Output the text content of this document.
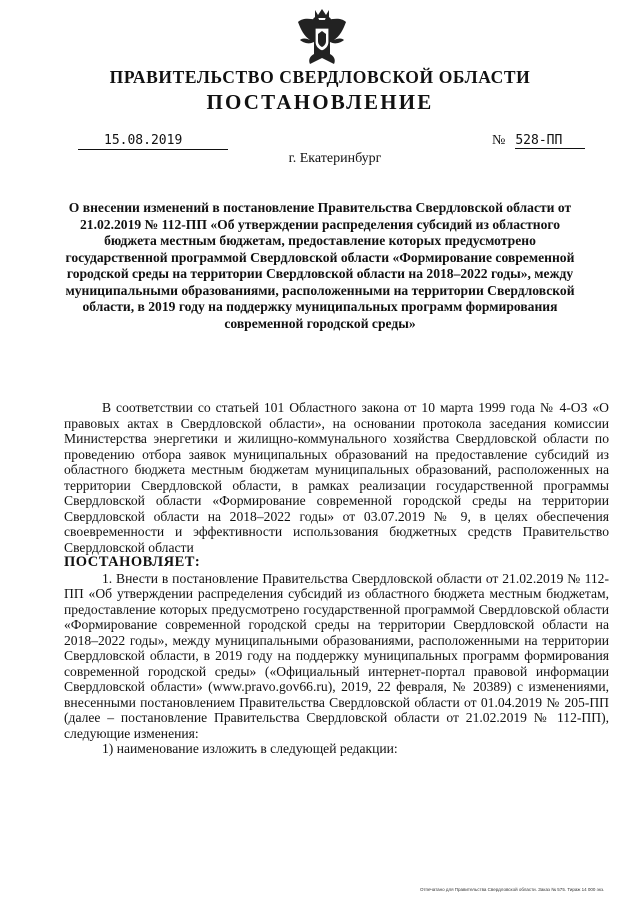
ПРАВИТЕЛЬСТВО СВЕРДЛОВСКОЙ ОБЛАСТИ
ПОСТАНОВЛЕНИЕ
15.08.2019	№ 528-ПП
г. Екатеринбург

О внесении изменений в постановление Правительства Свердловской области от 21.02.2019 № 112-ПП «Об утверждении распределения субсидий из областного бюджета местным бюджетам, предоставление которых предусмотрено государственной программой Свердловской области «Формирование современной городской среды на территории Свердловской области на 2018–2022 годы», между муниципальными образованиями, расположенными на территории Свердловской области, в 2019 году на поддержку муниципальных программ формирования современной городской среды»

В соответствии со статьей 101 Областного закона от 10 марта 1999 года № 4-ОЗ «О правовых актах в Свердловской области», на основании протокола заседания комиссии Министерства энергетики и жилищно-коммунального хозяйства Свердловской области по проведению отбора заявок муниципальных образований на предоставление субсидий из областного бюджета местным бюджетам муниципальных образований, расположенных на территории Свердловской области, в рамках реализации государственной программы Свердловской области «Формирование современной городской среды на территории Свердловской области на 2018–2022 годы» от 03.07.2019 № 9, в целях обеспечения своевременности и эффективности использования бюджетных средств Правительство Свердловской области

ПОСТАНОВЛЯЕТ:

1. Внести в постановление Правительства Свердловской области от 21.02.2019 № 112-ПП «Об утверждении распределения субсидий из областного бюджета местным бюджетам, предоставление которых предусмотрено государственной программой Свердловской области «Формирование современной городской среды на территории Свердловской области на 2018–2022 годы», между муниципальными образованиями, расположенными на территории Свердловской области, в 2019 году на поддержку муниципальных программ формирования современной городской среды» («Официальный интернет-портал правовой информации Свердловской области» (www.pravo.gov66.ru), 2019, 22 февраля, № 20389) с изменениями, внесенными постановлением Правительства Свердловской области от 01.04.2019 № 205-ПП (далее – постановление Правительства Свердловской области от 21.02.2019 № 112-ПП), следующие изменения:

1) наименование изложить в следующей редакции:

Отпечатано для Правительства Свердловской области. Заказ № 575. Тираж 14 000 экз.
